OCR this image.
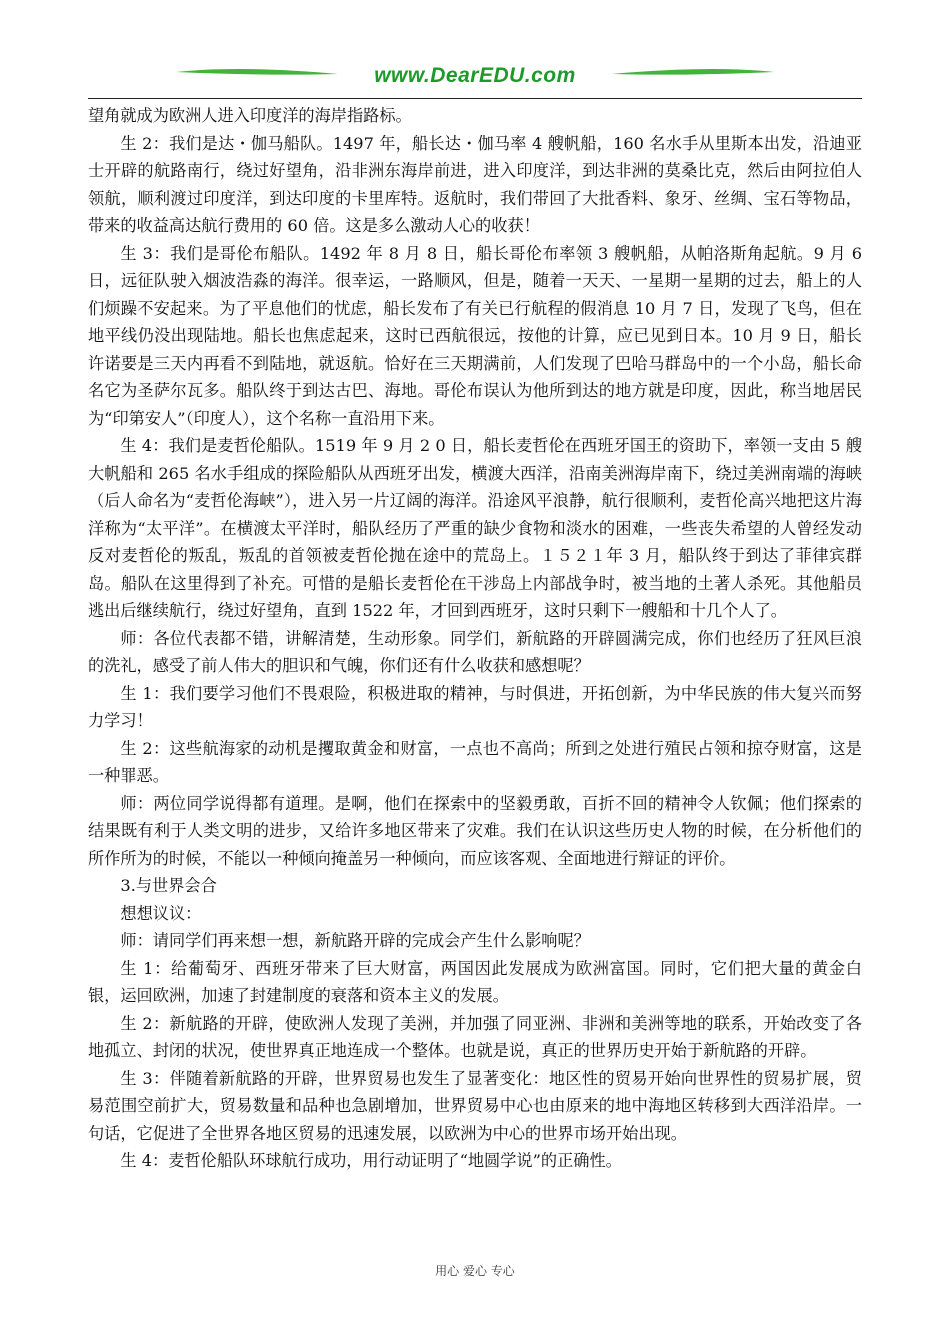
www.DearEDU.com

望角就成为欧洲人进入印度洋的海岸指路标。

生 2：我们是达・伽马船队。1497 年，船长达・伽马率 4 艘帆船，160 名水手从里斯本出发，沿迪亚士开辟的航路南行，绕过好望角，沿非洲东海岸前进，进入印度洋，到达非洲的莫桑比克，然后由阿拉伯人领航，顺利渡过印度洋，到达印度的卡里库特。返航时，我们带回了大批香料、象牙、丝绸、宝石等物品，带来的收益高达航行费用的 60 倍。这是多么激动人心的收获！

生 3：我们是哥伦布船队。1492 年 8 月 8 日，船长哥伦布率领 3 艘帆船，从帕洛斯角起航。9 月 6 日，远征队驶入烟波浩淼的海洋。很幸运，一路顺风，但是，随着一天天、一星期一星期的过去，船上的人们烦躁不安起来。为了平息他们的忧虑，船长发布了有关已行航程的假消息 10 月 7 日，发现了飞鸟，但在地平线仍没出现陆地。船长也焦虑起来，这时已西航很远，按他的计算，应已见到日本。10 月 9 日，船长许诺要是三天内再看不到陆地，就返航。恰好在三天期满前，人们发现了巴哈马群岛中的一个小岛，船长命名它为圣萨尔瓦多。船队终于到达古巴、海地。哥伦布误认为他所到达的地方就是印度，因此，称当地居民为“印第安人”（印度人），这个名称一直沿用下来。

生 4：我们是麦哲伦船队。1519 年 9 月 2 0 日，船长麦哲伦在西班牙国王的资助下，率领一支由 5 艘大帆船和 265 名水手组成的探险船队从西班牙出发，横渡大西洋，沿南美洲海岸南下，绕过美洲南端的海峡（后人命名为“麦哲伦海峡”），进入另一片辽阔的海洋。沿途风平浪静，航行很顺利，麦哲伦高兴地把这片海洋称为“太平洋”。在横渡太平洋时，船队经历了严重的缺少食物和淡水的困难，一些丧失希望的人曾经发动反对麦哲伦的叛乱，叛乱的首领被麦哲伦抛在途中的荒岛上。１５２１年 3 月，船队终于到达了菲律宾群岛。船队在这里得到了补充。可惜的是船长麦哲伦在干涉岛上内部战争时，被当地的土著人杀死。其他船员逃出后继续航行，绕过好望角，直到 1522 年，才回到西班牙，这时只剩下一艘船和十几个人了。

师：各位代表都不错，讲解清楚，生动形象。同学们，新航路的开辟圆满完成，你们也经历了狂风巨浪的洗礼，感受了前人伟大的胆识和气魄，你们还有什么收获和感想呢？

生 1：我们要学习他们不畏艰险，积极进取的精神，与时俱进，开拓创新，为中华民族的伟大复兴而努力学习！

生 2：这些航海家的动机是攫取黄金和财富，一点也不高尚；所到之处进行殖民占领和掠夺财富，这是一种罪恶。

师：两位同学说得都有道理。是啊，他们在探索中的坚毅勇敢，百折不回的精神令人钦佩；他们探索的结果既有利于人类文明的进步，又给许多地区带来了灾难。我们在认识这些历史人物的时候，在分析他们的所作所为的时候，不能以一种倾向掩盖另一种倾向，而应该客观、全面地进行辩证的评价。

3.与世界会合

想想议议：

师：请同学们再来想一想，新航路开辟的完成会产生什么影响呢？

生 1：给葡萄牙、西班牙带来了巨大财富，两国因此发展成为欧洲富国。同时，它们把大量的黄金白银，运回欧洲，加速了封建制度的衰落和资本主义的发展。

生 2：新航路的开辟，使欧洲人发现了美洲，并加强了同亚洲、非洲和美洲等地的联系，开始改变了各地孤立、封闭的状况，使世界真正地连成一个整体。也就是说，真正的世界历史开始于新航路的开辟。

生 3：伴随着新航路的开辟，世界贸易也发生了显著变化：地区性的贸易开始向世界性的贸易扩展，贸易范围空前扩大，贸易数量和品种也急剧增加，世界贸易中心也由原来的地中海地区转移到大西洋沿岸。一句话，它促进了全世界各地区贸易的迅速发展，以欧洲为中心的世界市场开始出现。

生 4：麦哲伦船队环球航行成功，用行动证明了“地圆学说”的正确性。

用心 爱心 专心
